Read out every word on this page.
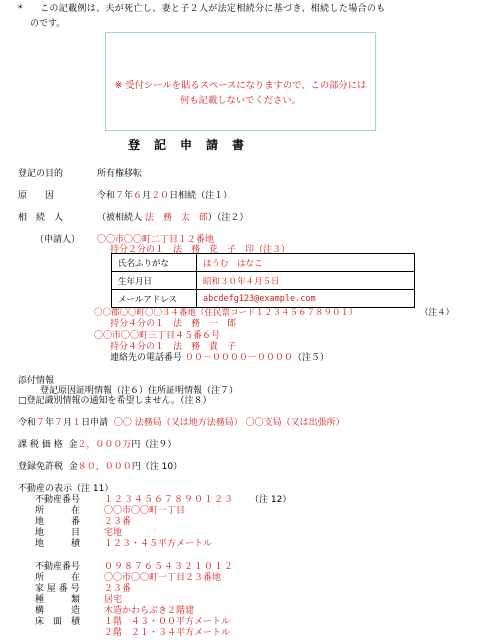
* この記載例は、夫が死亡し、妻と子２人が法定相続分に基づき、相続した場合のも
のです。
※ 受付シールを貼るスペースになりますので、この部分には
何も記載しないでください。
登記申請書
登記の目的	所有権移転
原　　因	令和７年６月２０日相続（注１）
相　続　人	（被相続人 法　務　太　郎）（注２）
（申請人） 〇〇市〇〇町二丁目１２番地
持分２分の１　法　務　花　子　印（注３）
氏名ふりがな	ほうむ　はなこ
生年月日	昭和３０年４月５日
メールアドレス	abcdefg123@example.com
〇〇郡〇〇町〇〇３４番地（住民票コード１２３４５６７８９０１）	（注４）
持分４分の１　法　務　一　郎
〇〇市〇〇町三丁目４５番６号
持分４分の１　法　務　貴　子
連絡先の電話番号 ００－００００－００００（注５）
添付情報
登記原因証明情報（注６）住所証明情報（注７）
□登記識別情報の通知を希望しません。（注８）
令和７年７月１日申請 〇〇 法務局（又は地方法務局） 〇〇支局（又は出張所）
課 税 価 格 金２，０００万円（注９）
登録免許税 金８０，０００円（注 10）
不動産の表示（注 11）
不動産番号	１２３４５６７８９０１２３ （注 12）
所　　　在	〇〇市〇〇町一丁目
地　　　番	２３番
地　　　目	宅地
地　　　積	１２３・４５平方メートル
不動産番号	０９８７６５４３２１０１２
所　　　在	〇〇市〇〇町一丁目２３番地
家 屋 番 号	２３番
種　　　類	居宅
構　　　造	木造かわらぶき２階建
床　面　積	１階　４３・００平方メートル
２階　２１・３４平方メートル
